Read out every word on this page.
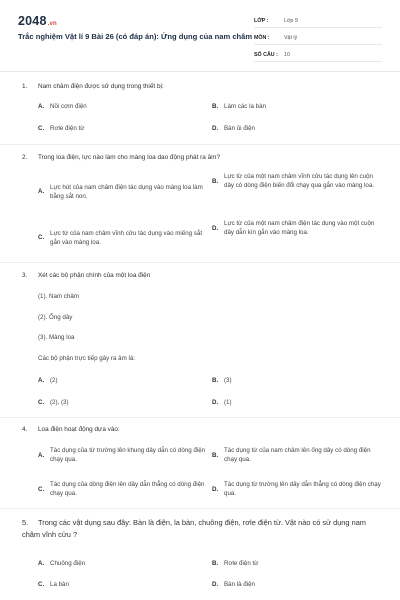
2048.vn
Trắc nghiệm Vật lí 9 Bài 26 (có đáp án): Ứng dụng của nam châm
LỚP :	Lớp 9
MÔN :	Vật lý
SỐ CÂU :	10
1. Nam châm điện được sử dụng trong thiết bị:
A. Nồi cơm điện	B. Làm các la bàn
C. Rơle điện từ	D. Bàn ủi điện
2. Trong loa điện, lực nào làm cho màng loa dao động phát ra âm?
A.
Lực hút của nam châm điện tác dụng vào màng loa làm bằng sắt non.
B.
Lực từ của một nam châm vĩnh cửu tác dụng lên cuộn dây có dòng điện biến đổi chạy qua gắn vào màng loa.
C.
Lực từ của nam châm vĩnh cửu tác dụng vào miếng sắt gắn vào màng loa.
D.
Lực từ của một nam châm điện tác dụng vào một cuộn dây dẫn kín gắn vào màng loa.
3. Xét các bộ phận chính của một loa điện
(1). Nam châm
(2). Ống dây
(3). Màng loa
Các bộ phận trực tiếp gây ra âm là:
A. (2)	B. (3)
C. (2), (3)	D. (1)
4. Loa điện hoạt động dựa vào:
A.
Tác dụng của từ trường lên khung dây dẫn có dòng điện chạy qua.
B.
Tác dụng từ của nam châm lên ống dây có dòng điện chạy qua.
C.
Tác dụng của dòng điện lên dây dẫn thẳng có dòng điện chạy qua.
D.
Tác dụng từ trường lên dây dẫn thẳng có dòng điện chạy qua.
5. Trong các vật dụng sau đây: Bàn là điện, la bàn, chuông điện, rơle điện từ. Vật nào có sử dụng nam châm vĩnh cửu ?
A. Chuông điện	B. Rơle điện từ
C. La bàn	D. Bàn là điện
